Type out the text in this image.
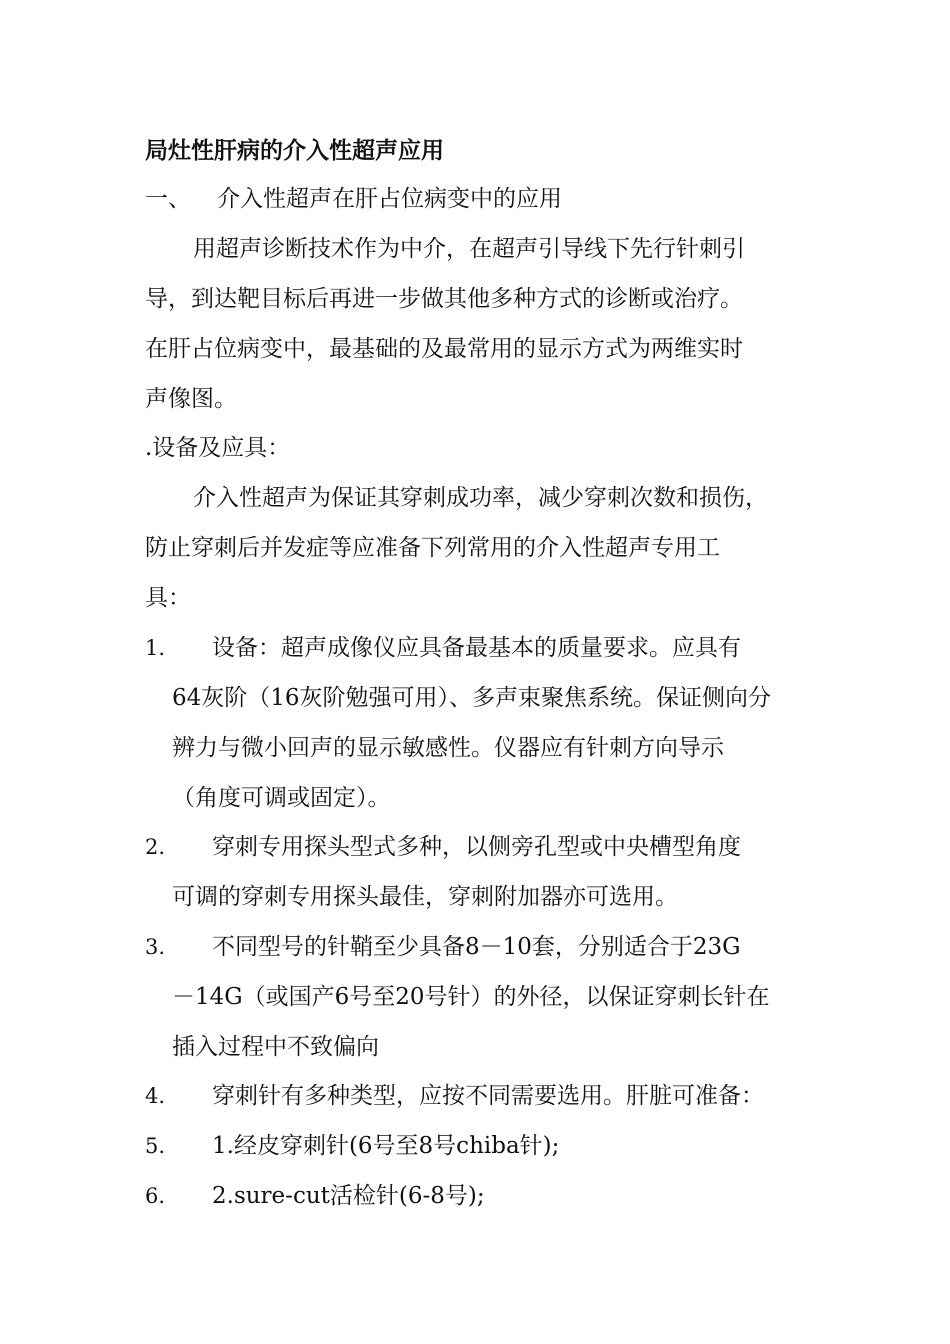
局灶性肝病的介入性超声应用
一、 介入性超声在肝占位病变中的应用
用超声诊断技术作为中介，在超声引导线下先行针刺引
导，到达靶目标后再进一步做其他多种方式的诊断或治疗。
在肝占位病变中，最基础的及最常用的显示方式为两维实时
声像图。
.设备及应具：
介入性超声为保证其穿刺成功率，减少穿刺次数和损伤，
防止穿刺后并发症等应准备下列常用的介入性超声专用工
具：
1. 设备：超声成像仪应具备最基本的质量要求。应具有
64灰阶（16灰阶勉强可用）、多声束聚焦系统。保证侧向分
辨力与微小回声的显示敏感性。仪器应有针刺方向导示
（角度可调或固定）。
2. 穿刺专用探头型式多种，以侧旁孔型或中央槽型角度
可调的穿刺专用探头最佳，穿刺附加器亦可选用。
3. 不同型号的针鞘至少具备8－10套，分别适合于23G
－14G（或国产6号至20号针）的外径，以保证穿刺长针在
插入过程中不致偏向
4. 穿刺针有多种类型，应按不同需要选用。肝脏可准备：
5. 1.经皮穿刺针(6号至8号chiba针);
6. 2.sure-cut活检针(6-8号);
